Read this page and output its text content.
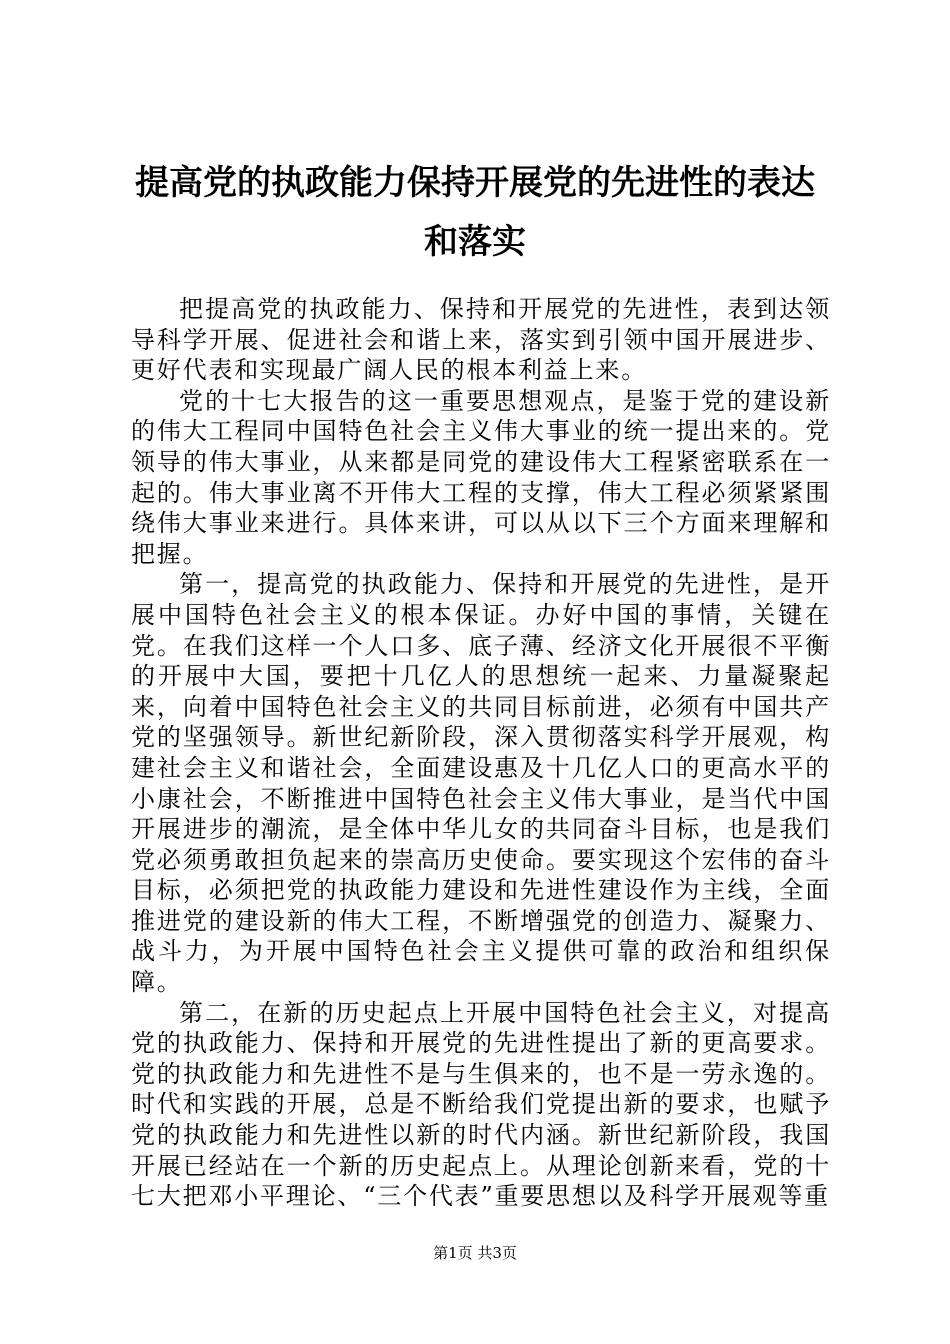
提高党的执政能力保持开展党的先进性的表达
和落实

把提高党的执政能力、保持和开展党的先进性，表到达领导科学开展、促进社会和谐上来，落实到引领中国开展进步、更好代表和实现最广阔人民的根本利益上来。

党的十七大报告的这一重要思想观点，是鉴于党的建设新的伟大工程同中国特色社会主义伟大事业的统一提出来的。党领导的伟大事业，从来都是同党的建设伟大工程紧密联系在一起的。伟大事业离不开伟大工程的支撑，伟大工程必须紧紧围绕伟大事业来进行。具体来讲，可以从以下三个方面来理解和把握。

第一，提高党的执政能力、保持和开展党的先进性，是开展中国特色社会主义的根本保证。办好中国的事情，关键在党。在我们这样一个人口多、底子薄、经济文化开展很不平衡的开展中大国，要把十几亿人的思想统一起来、力量凝聚起来，向着中国特色社会主义的共同目标前进，必须有中国共产党的坚强领导。新世纪新阶段，深入贯彻落实科学开展观，构建社会主义和谐社会，全面建设惠及十几亿人口的更高水平的小康社会，不断推进中国特色社会主义伟大事业，是当代中国开展进步的潮流，是全体中华儿女的共同奋斗目标，也是我们党必须勇敢担负起来的崇高历史使命。要实现这个宏伟的奋斗目标，必须把党的执政能力建设和先进性建设作为主线，全面推进党的建设新的伟大工程，不断增强党的创造力、凝聚力、战斗力，为开展中国特色社会主义提供可靠的政治和组织保障。

第二，在新的历史起点上开展中国特色社会主义，对提高党的执政能力、保持和开展党的先进性提出了新的更高要求。党的执政能力和先进性不是与生俱来的，也不是一劳永逸的。时代和实践的开展，总是不断给我们党提出新的要求，也赋予党的执政能力和先进性以新的时代内涵。新世纪新阶段，我国开展已经站在一个新的历史起点上。从理论创新来看，党的十七大把邓小平理论、“三个代表”重要思想以及科学开展观等重

第1页 共3页
